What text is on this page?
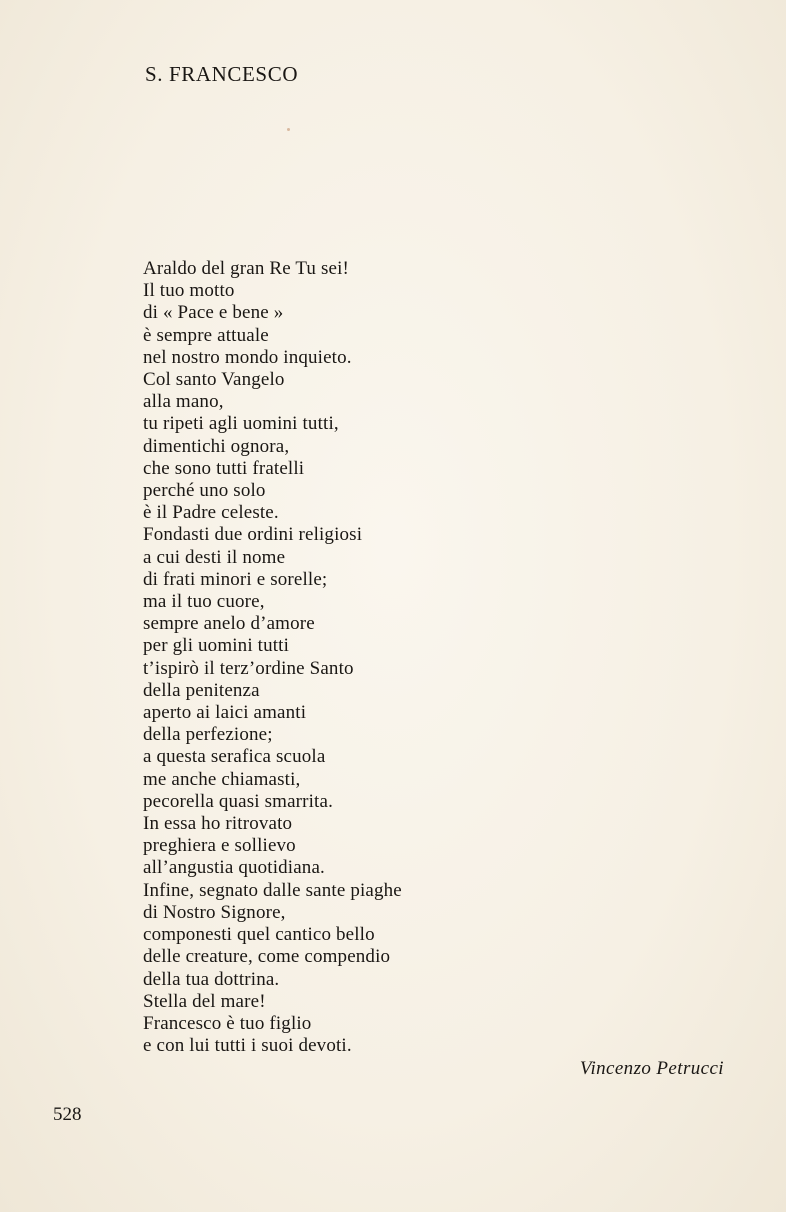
S. FRANCESCO
Araldo del gran Re Tu sei!
Il tuo motto
di « Pace e bene »
è sempre attuale
nel nostro mondo inquieto.
Col santo Vangelo
alla mano,
tu ripeti agli uomini tutti,
dimentichi ognora,
che sono tutti fratelli
perché uno solo
è il Padre celeste.
Fondasti due ordini religiosi
a cui desti il nome
di frati minori e sorelle;
ma il tuo cuore,
sempre anelo d’amore
per gli uomini tutti
t’ispirò il terz’ordine Santo
della penitenza
aperto ai laici amanti
della perfezione;
a questa serafica scuola
me anche chiamasti,
pecorella quasi smarrita.
In essa ho ritrovato
preghiera e sollievo
all’angustia quotidiana.
Infine, segnato dalle sante piaghe
di Nostro Signore,
componesti quel cantico bello
delle creature, come compendio
della tua dottrina.
Stella del mare!
Francesco è tuo figlio
e con lui tutti i suoi devoti.
Vincenzo Petrucci
528
